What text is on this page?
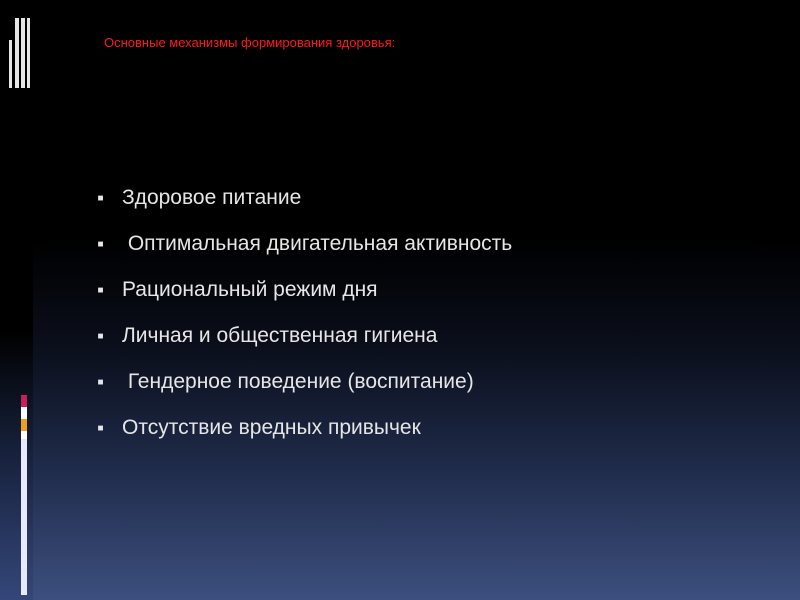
Основные механизмы формирования здоровья:
■ Здоровое питание
■ Оптимальная двигательная активность
■ Рациональный режим дня
■ Личная и общественная гигиена
■ Гендерное поведение (воспитание)
■ Отсутствие вредных привычек
